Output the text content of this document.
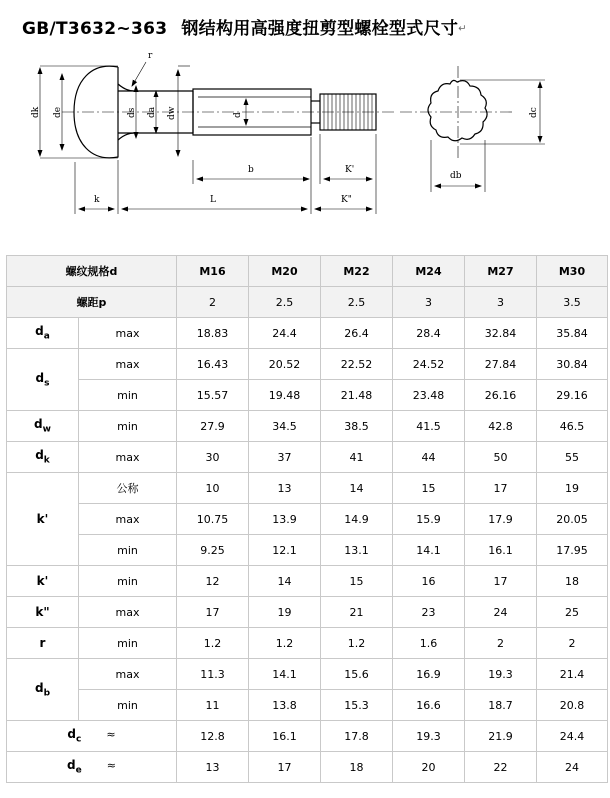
GB/T3632~363 钢结构用高强度扭剪型螺栓型式尺寸↵
r
dk de	ds da dw	d
b	K'
k	L	K"
dc
db
螺纹规格d		M16	M20	M22	M24	M27	M30
螺距p		2	2.5	2.5	3	3	3.5
$d_a$	max	18.83	24.4	26.4	28.4	32.84	35.84
$d_s$	max	16.43	20.52	22.52	24.52	27.84	30.84
	min	15.57	19.48	21.48	23.48	26.16	29.16
$d_w$	min	27.9	34.5	38.5	41.5	42.8	46.5
$d_k$	max	30	37	41	44	50	55
k'	公称	10	13	14	15	17	19
	max	10.75	13.9	14.9	15.9	17.9	20.05
	min	9.25	12.1	13.1	14.1	16.1	17.95
k'	min	12	14	15	16	17	18
k"	max	17	19	21	23	24	25
r	min	1.2	1.2	1.2	1.6	2	2
$d_b$	max	11.3	14.1	15.6	16.9	19.3	21.4
	min	11	13.8	15.3	16.6	18.7	20.8
$d_c$ ≈		12.8	16.1	17.8	19.3	21.9	24.4
$d_e$ ≈		13	17	18	20	22	24
